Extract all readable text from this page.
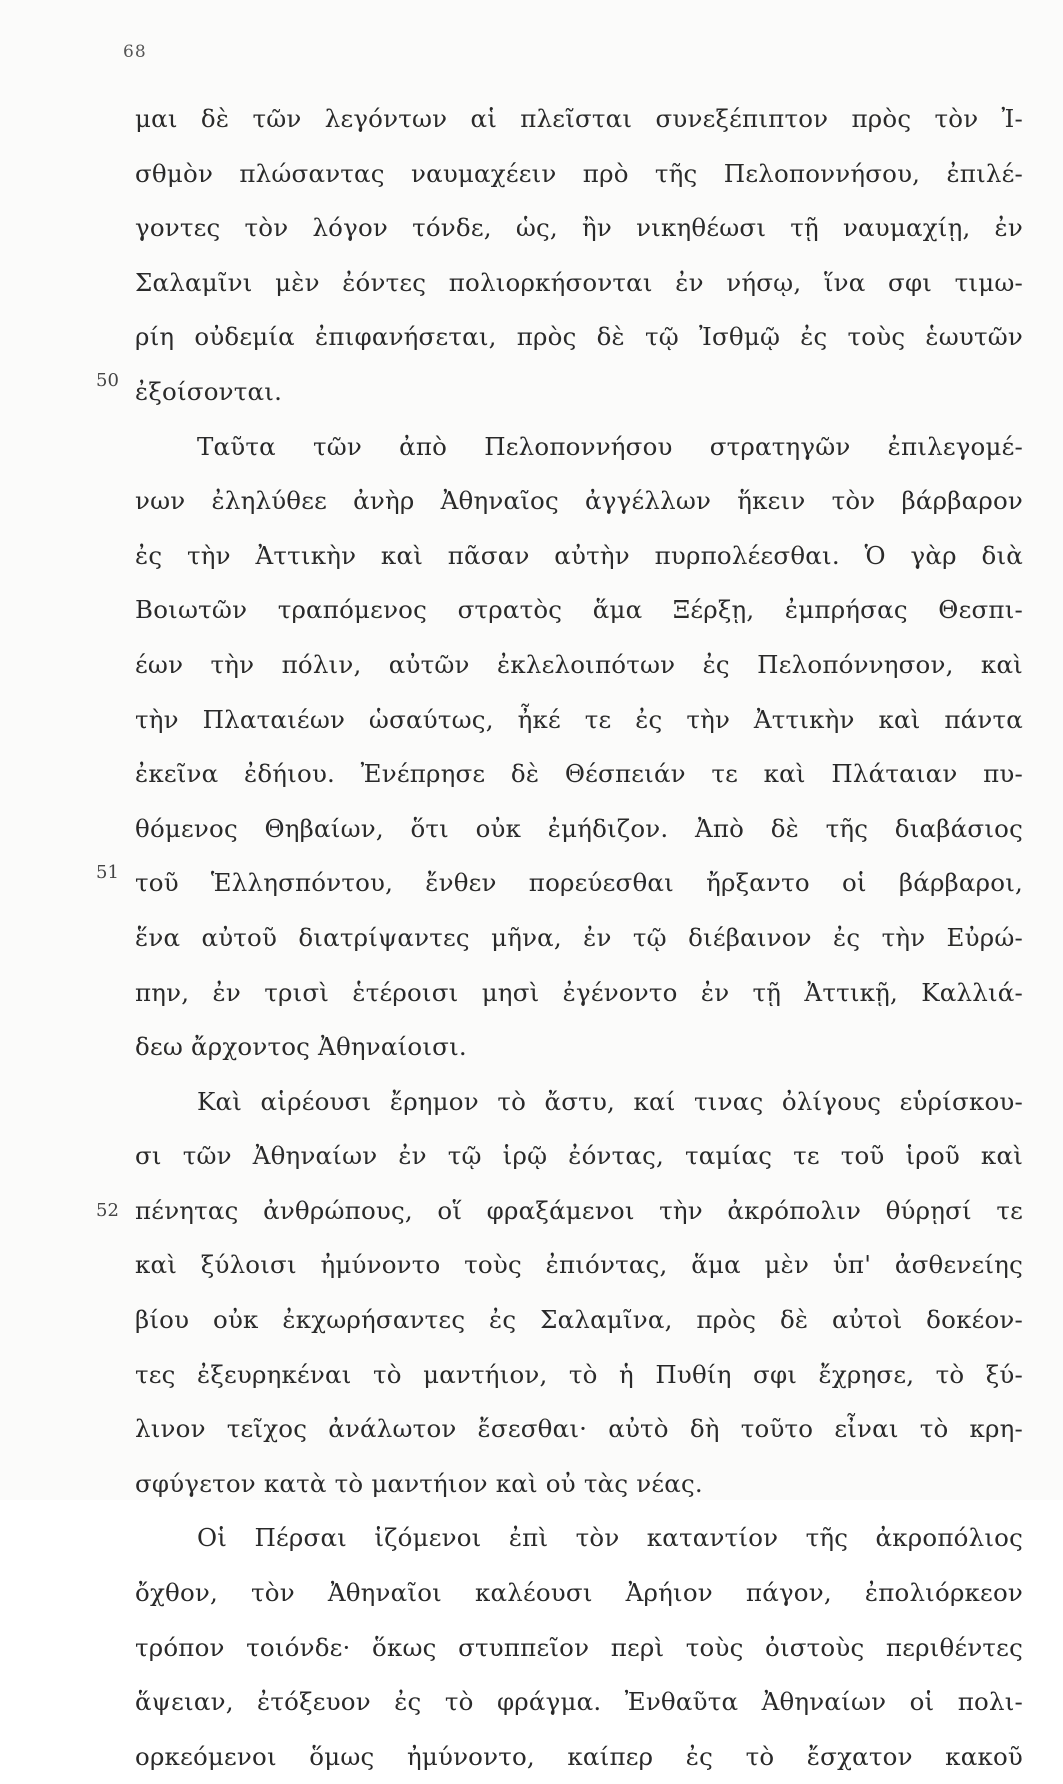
68
50
51
52
μαι δὲ τῶν λεγόντων αἱ πλεῖσται συνεξέπιπτον πρὸς τὸν Ἰ-
σθμὸν πλώσαντας ναυμαχέειν πρὸ τῆς Πελοποννήσου, ἐπιλέ-
γοντες τὸν λόγον τόνδε, ὡς, ἢν νικηθέωσι τῇ ναυμαχίῃ, ἐν
Σαλαμῖνι μὲν ἐόντες πολιορκήσονται ἐν νήσῳ, ἵνα σφι τιμω-
ρίη οὐδεμία ἐπιφανήσεται, πρὸς δὲ τῷ Ἰσθμῷ ἐς τοὺς ἑωυτῶν
ἐξοίσονται.
Ταῦτα τῶν ἀπὸ Πελοποννήσου στρατηγῶν ἐπιλεγομέ-
νων ἐληλύθεε ἀνὴρ Ἀθηναῖος ἀγγέλλων ἥκειν τὸν βάρβαρον
ἐς τὴν Ἀττικὴν καὶ πᾶσαν αὐτὴν πυρπολέεσθαι. Ὁ γὰρ διὰ
Βοιωτῶν τραπόμενος στρατὸς ἅμα Ξέρξῃ, ἐμπρήσας Θεσπι-
έων τὴν πόλιν, αὐτῶν ἐκλελοιπότων ἐς Πελοπόννησον, καὶ
τὴν Πλαταιέων ὡσαύτως, ἦκέ τε ἐς τὴν Ἀττικὴν καὶ πάντα
ἐκεῖνα ἐδήιου. Ἐνέπρησε δὲ Θέσπειάν τε καὶ Πλάταιαν πυ-
θόμενος Θηβαίων, ὅτι οὐκ ἐμήδιζον. Ἀπὸ δὲ τῆς διαβάσιος
τοῦ Ἑλλησπόντου, ἔνθεν πορεύεσθαι ἤρξαντο οἱ βάρβαροι,
ἕνα αὐτοῦ διατρίψαντες μῆνα, ἐν τῷ διέβαινον ἐς τὴν Εὐρώ-
πην, ἐν τρισὶ ἑτέροισι μησὶ ἐγένοντο ἐν τῇ Ἀττικῇ, Καλλιά-
δεω ἄρχοντος Ἀθηναίοισι.
Καὶ αἱρέουσι ἔρημον τὸ ἄστυ, καί τινας ὀλίγους εὑρίσκου-
σι τῶν Ἀθηναίων ἐν τῷ ἱρῷ ἐόντας, ταμίας τε τοῦ ἱροῦ καὶ
πένητας ἀνθρώπους, οἵ φραξάμενοι τὴν ἀκρόπολιν θύρῃσί τε
καὶ ξύλοισι ἠμύνοντο τοὺς ἐπιόντας, ἅμα μὲν ὑπ' ἀσθενείης
βίου οὐκ ἐκχωρήσαντες ἐς Σαλαμῖνα, πρὸς δὲ αὐτοὶ δοκέον-
τες ἐξευρηκέναι τὸ μαντήιον, τὸ ἡ Πυθίη σφι ἔχρησε, τὸ ξύ-
λινον τεῖχος ἀνάλωτον ἔσεσθαι· αὐτὸ δὴ τοῦτο εἶναι τὸ κρη-
σφύγετον κατὰ τὸ μαντήιον καὶ οὐ τὰς νέας.
Οἱ Πέρσαι ἱζόμενοι ἐπὶ τὸν καταντίον τῆς ἀκροπόλιος
ὄχθον, τὸν Ἀθηναῖοι καλέουσι Ἀρήιον πάγον, ἐπολιόρκεον
τρόπον τοιόνδε· ὅκως στυππεῖον περὶ τοὺς ὀιστοὺς περιθέντες
ἅψειαν, ἐτόξευον ἐς τὸ φράγμα. Ἐνθαῦτα Ἀθηναίων οἱ πολι-
ορκεόμενοι ὅμως ἠμύνοντο, καίπερ ἐς τὸ ἔσχατον κακοῦ
